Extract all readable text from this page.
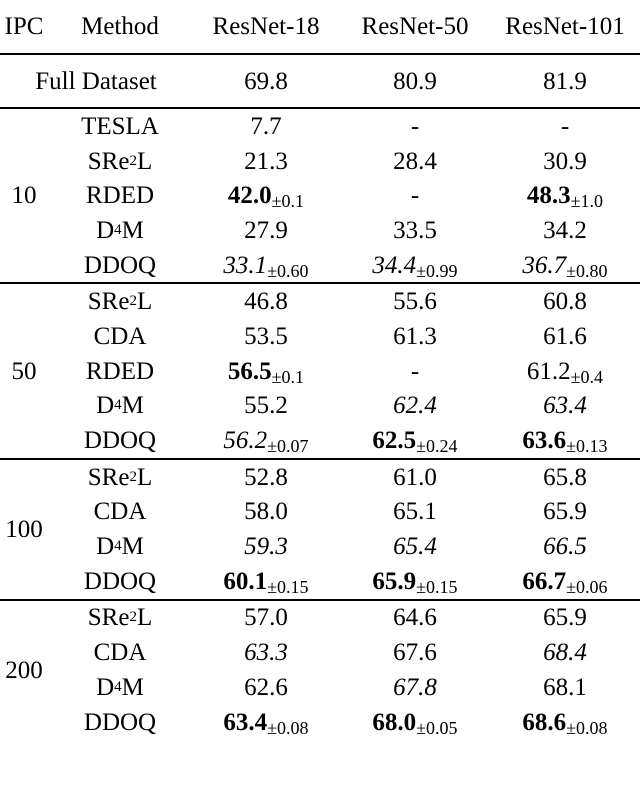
IPC	Method	ResNet-18	ResNet-50	ResNet-101
Full Dataset		69.8	80.9	81.9
10	TESLA	7.7	-	-
	SRe$^2$L	21.3	28.4	30.9
	RDED	42.0±0.1	-	48.3±1.0
	$D^4M$	27.9	33.5	34.2
	DDOQ	33.1±0.60	34.4±0.99	36.7±0.80
50	SRe$^2$L	46.8	55.6	60.8
	CDA	53.5	61.3	61.6
	RDED	56.5±0.1	-	61.2±0.4
	$D^4M$	55.2	62.4	63.4
	DDOQ	56.2±0.07	62.5±0.24	63.6±0.13
100	SRe$^2$L	52.8	61.0	65.8
	CDA	58.0	65.1	65.9
	$D^4M$	59.3	65.4	66.5
	DDOQ	60.1±0.15	65.9±0.15	66.7±0.06
200	SRe$^2$L	57.0	64.6	65.9
	CDA	63.3	67.6	68.4
	$D^4M$	62.6	67.8	68.1
	DDOQ	63.4±0.08	68.0±0.05	68.6±0.08
